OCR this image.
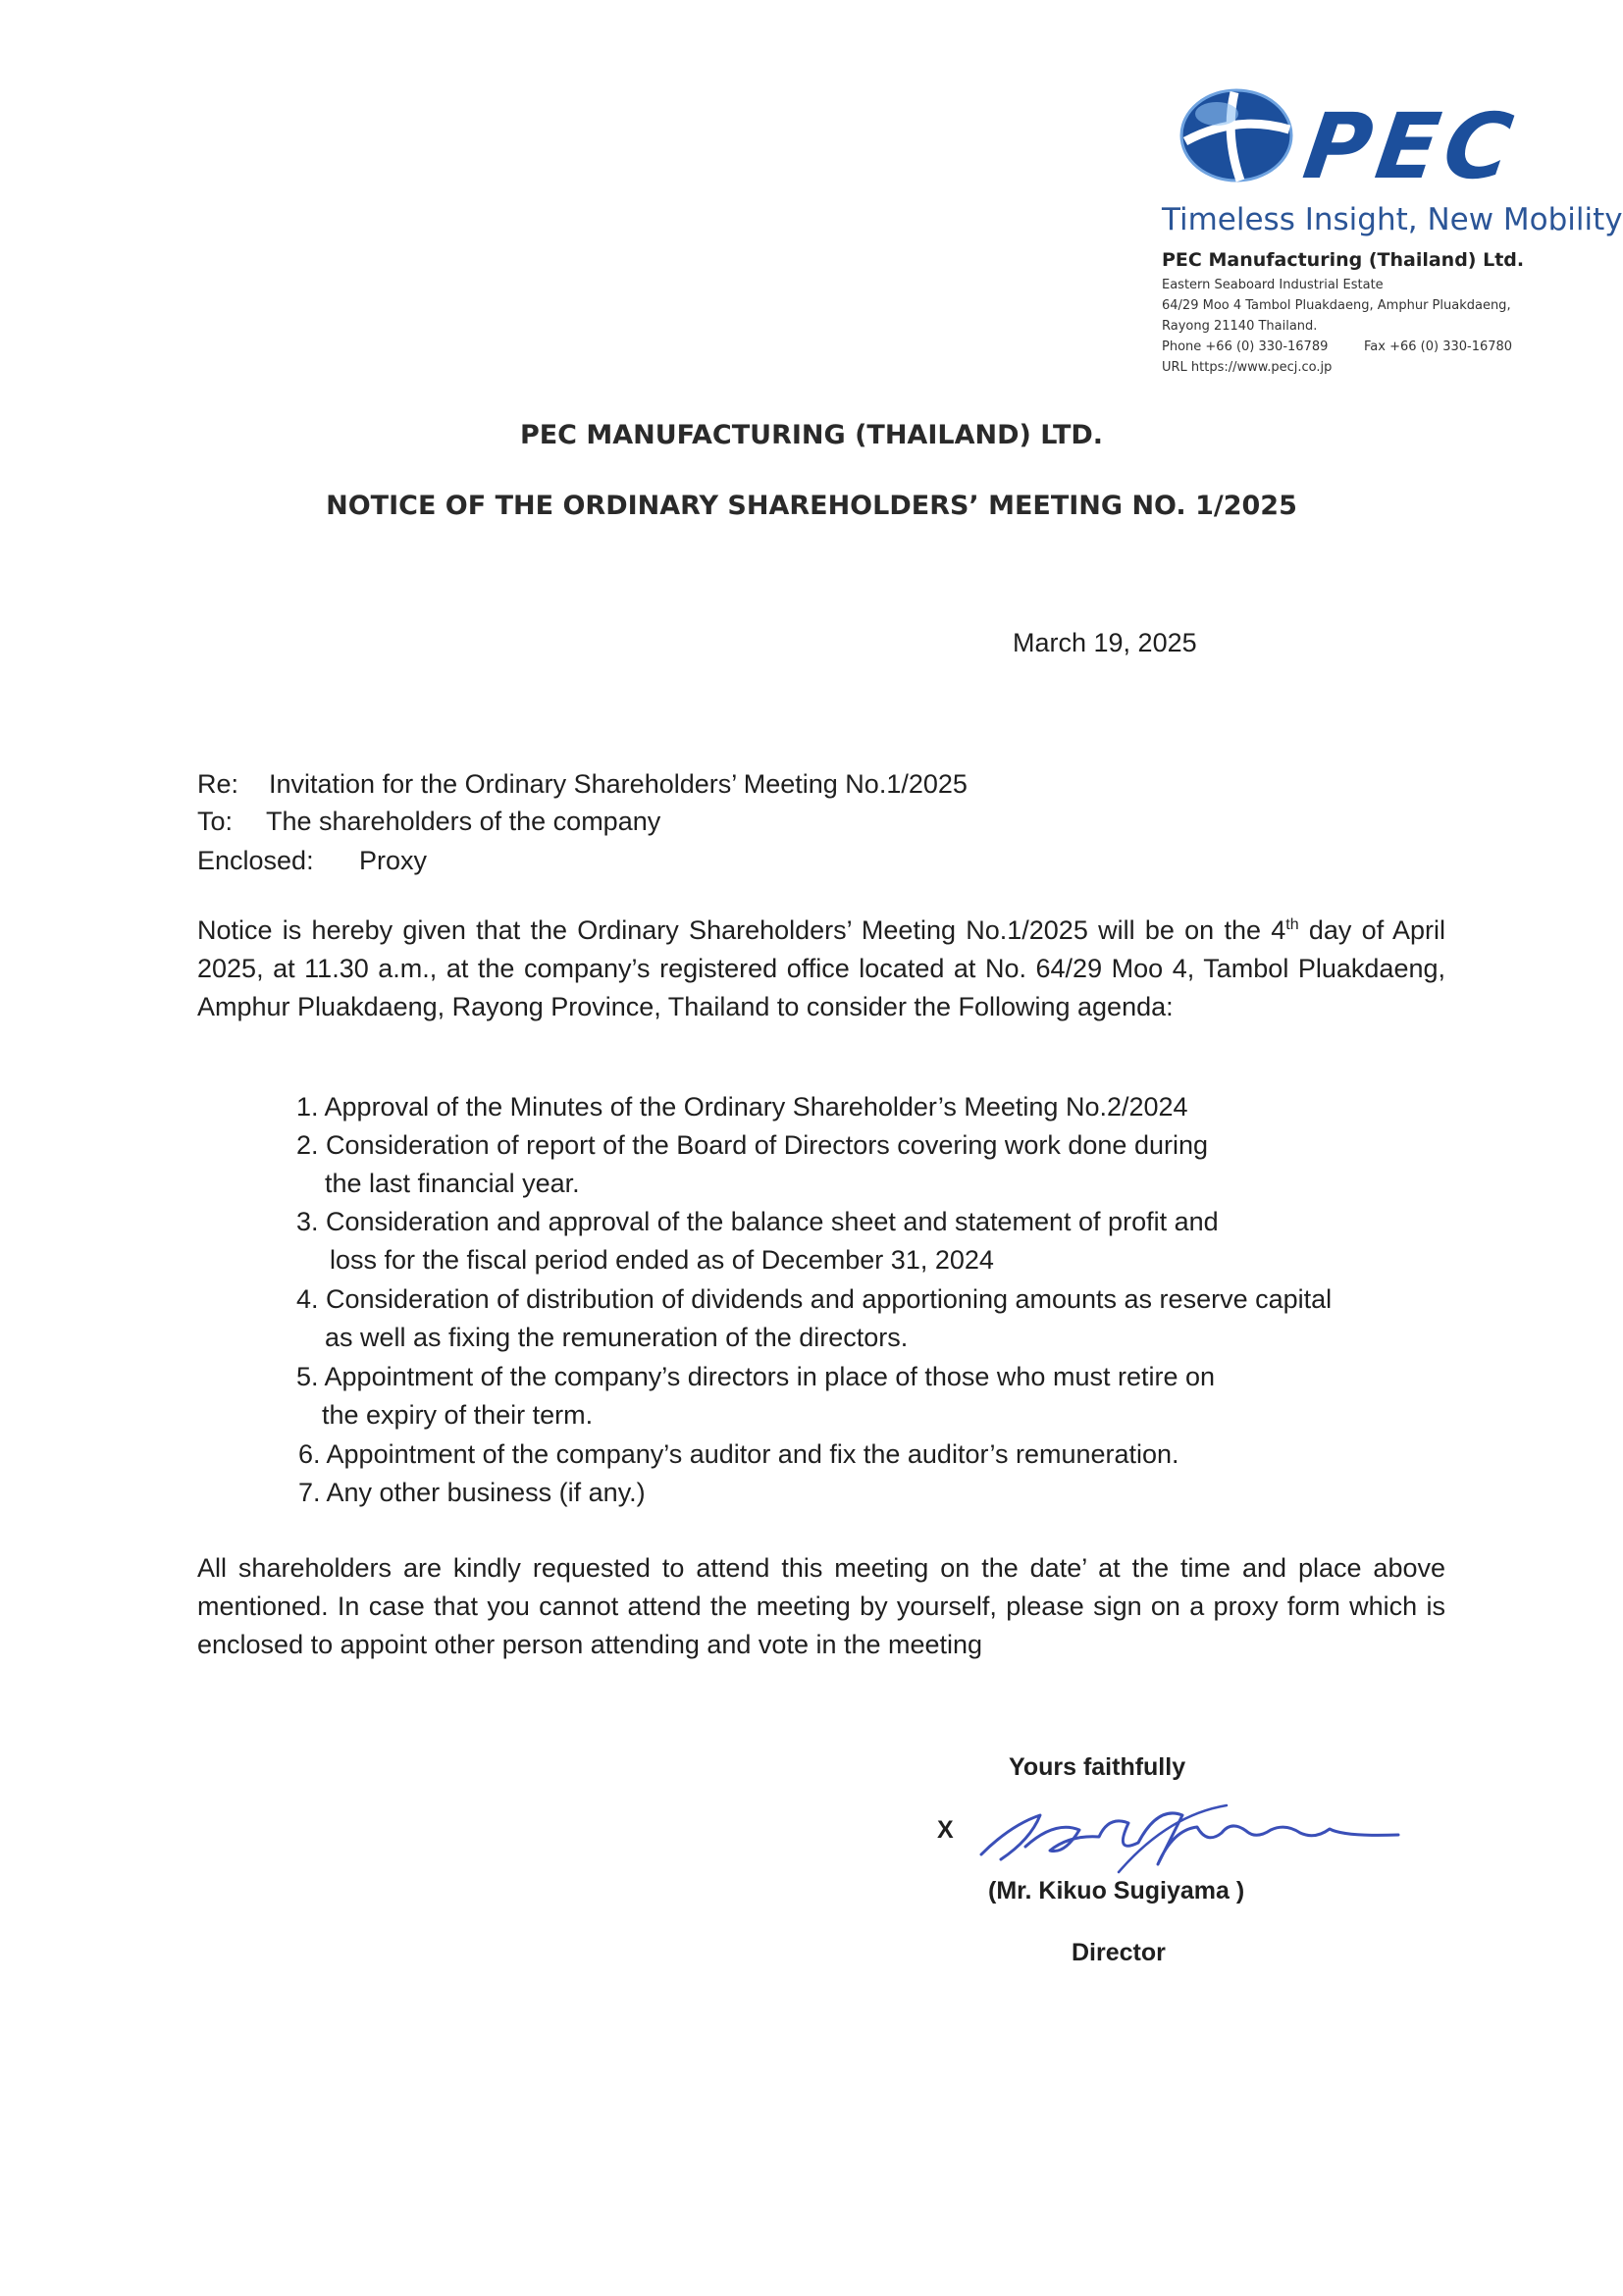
PEC
Timeless Insight, New Mobility
PEC Manufacturing (Thailand) Ltd.
Eastern Seaboard Industrial Estate
64/29 Moo 4 Tambol Pluakdaeng, Amphur Pluakdaeng,
Rayong 21140 Thailand.
Phone +66 (0) 330-16789	Fax +66 (0) 330-16780
URL https://www.pecj.co.jp
PEC MANUFACTURING (THAILAND) LTD.
NOTICE OF THE ORDINARY SHAREHOLDERS’ MEETING NO. 1/2025
March 19, 2025
Re: Invitation for the Ordinary Shareholders’ Meeting No.1/2025
To: The shareholders of the company
Enclosed: Proxy
Notice is hereby given that the Ordinary Shareholders’ Meeting No.1/2025 will be on the 4th day of April 2025, at 11.30 a.m., at the company’s registered office located at No. 64/29 Moo 4, Tambol Pluakdaeng, Amphur Pluakdaeng, Rayong Province, Thailand to consider the Following agenda:
1. Approval of the Minutes of the Ordinary Shareholder’s Meeting No.2/2024
2. Consideration of report of the Board of Directors covering work done during
the last financial year.
3. Consideration and approval of the balance sheet and statement of profit and
loss for the fiscal period ended as of December 31, 2024
4. Consideration of distribution of dividends and apportioning amounts as reserve capital
as well as fixing the remuneration of the directors.
5. Appointment of the company’s directors in place of those who must retire on
the expiry of their term.
6. Appointment of the company’s auditor and fix the auditor’s remuneration.
7. Any other business (if any.)
All shareholders are kindly requested to attend this meeting on the date’ at the time and place above mentioned. In case that you cannot attend the meeting by yourself, please sign on a proxy form which is enclosed to appoint other person attending and vote in the meeting
Yours faithfully
X
(Mr. Kikuo Sugiyama )
Director
